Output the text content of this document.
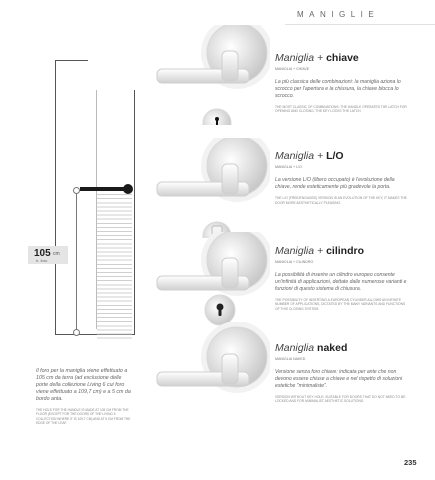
MANIGLIE
105 cm
h. foro
Il foro per la maniglia viene effettuato a 105 cm da terra (ad esclusione delle porte della collezione Living 6 cui foro viene effettuato a 109,7 cm) e a 5 cm da bordo anta.
THE HOLE FOR THE HANDLE IS MADE AT 105 CM FROM THE FLOOR (EXCEPT FOR THE DOORS OF THE LIVING 6 COLLECTION WHERE IT IS 109.7 CM) AND AT 5 CM FROM THE EDGE OF THE LEAF.
Maniglia + chiave
MANIGLIA + CHIAVE
La più classica delle combinazioni: la maniglia aziona lo scrocco per l'apertura e la chiusura, la chiave blocca lo scrocco.
THE MOST CLASSIC OF COMBINATIONS: THE HANDLE OPERATES THE LATCH FOR OPENING AND CLOSING, THE KEY LOCKS THE LATCH.
Maniglia + L/O
MANIGLIA + L/O
La versione L/O (libero occupato) è l'evoluzione della chiave, rende esteticamente più gradevole la porta.
THE L/O (FREE/ENGAGED) VERSION IS AN EVOLUTION OF THE KEY, IT MAKES THE DOOR MORE AESTHETICALLY PLEASING.
Maniglia + cilindro
MANIGLIA + CILINDRO
La possibilità di inserire un cilindro europeo consente un'infinità di applicazioni, dettate dalle numerose varianti e funzioni di questo sistema di chiusura.
THE POSSIBILITY OF INSERTING A EUROPEAN CYLINDER ALLOWS AN INFINITE NUMBER OF APPLICATIONS, DICTATED BY THE MANY VARIANTS AND FUNCTIONS OF THIS CLOSING SYSTEM.
Maniglia naked
MANIGLIA NAKED
Versione senza foro chiave: indicata per ante che non devono essere chiuse a chiave e nel rispetto di soluzioni estetiche "minimaliste".
VERSION WITHOUT KEY HOLE: SUITABLE FOR DOORS THAT DO NOT NEED TO BE LOCKED AND FOR MINIMALIST AESTHETIC SOLUTIONS.
235
